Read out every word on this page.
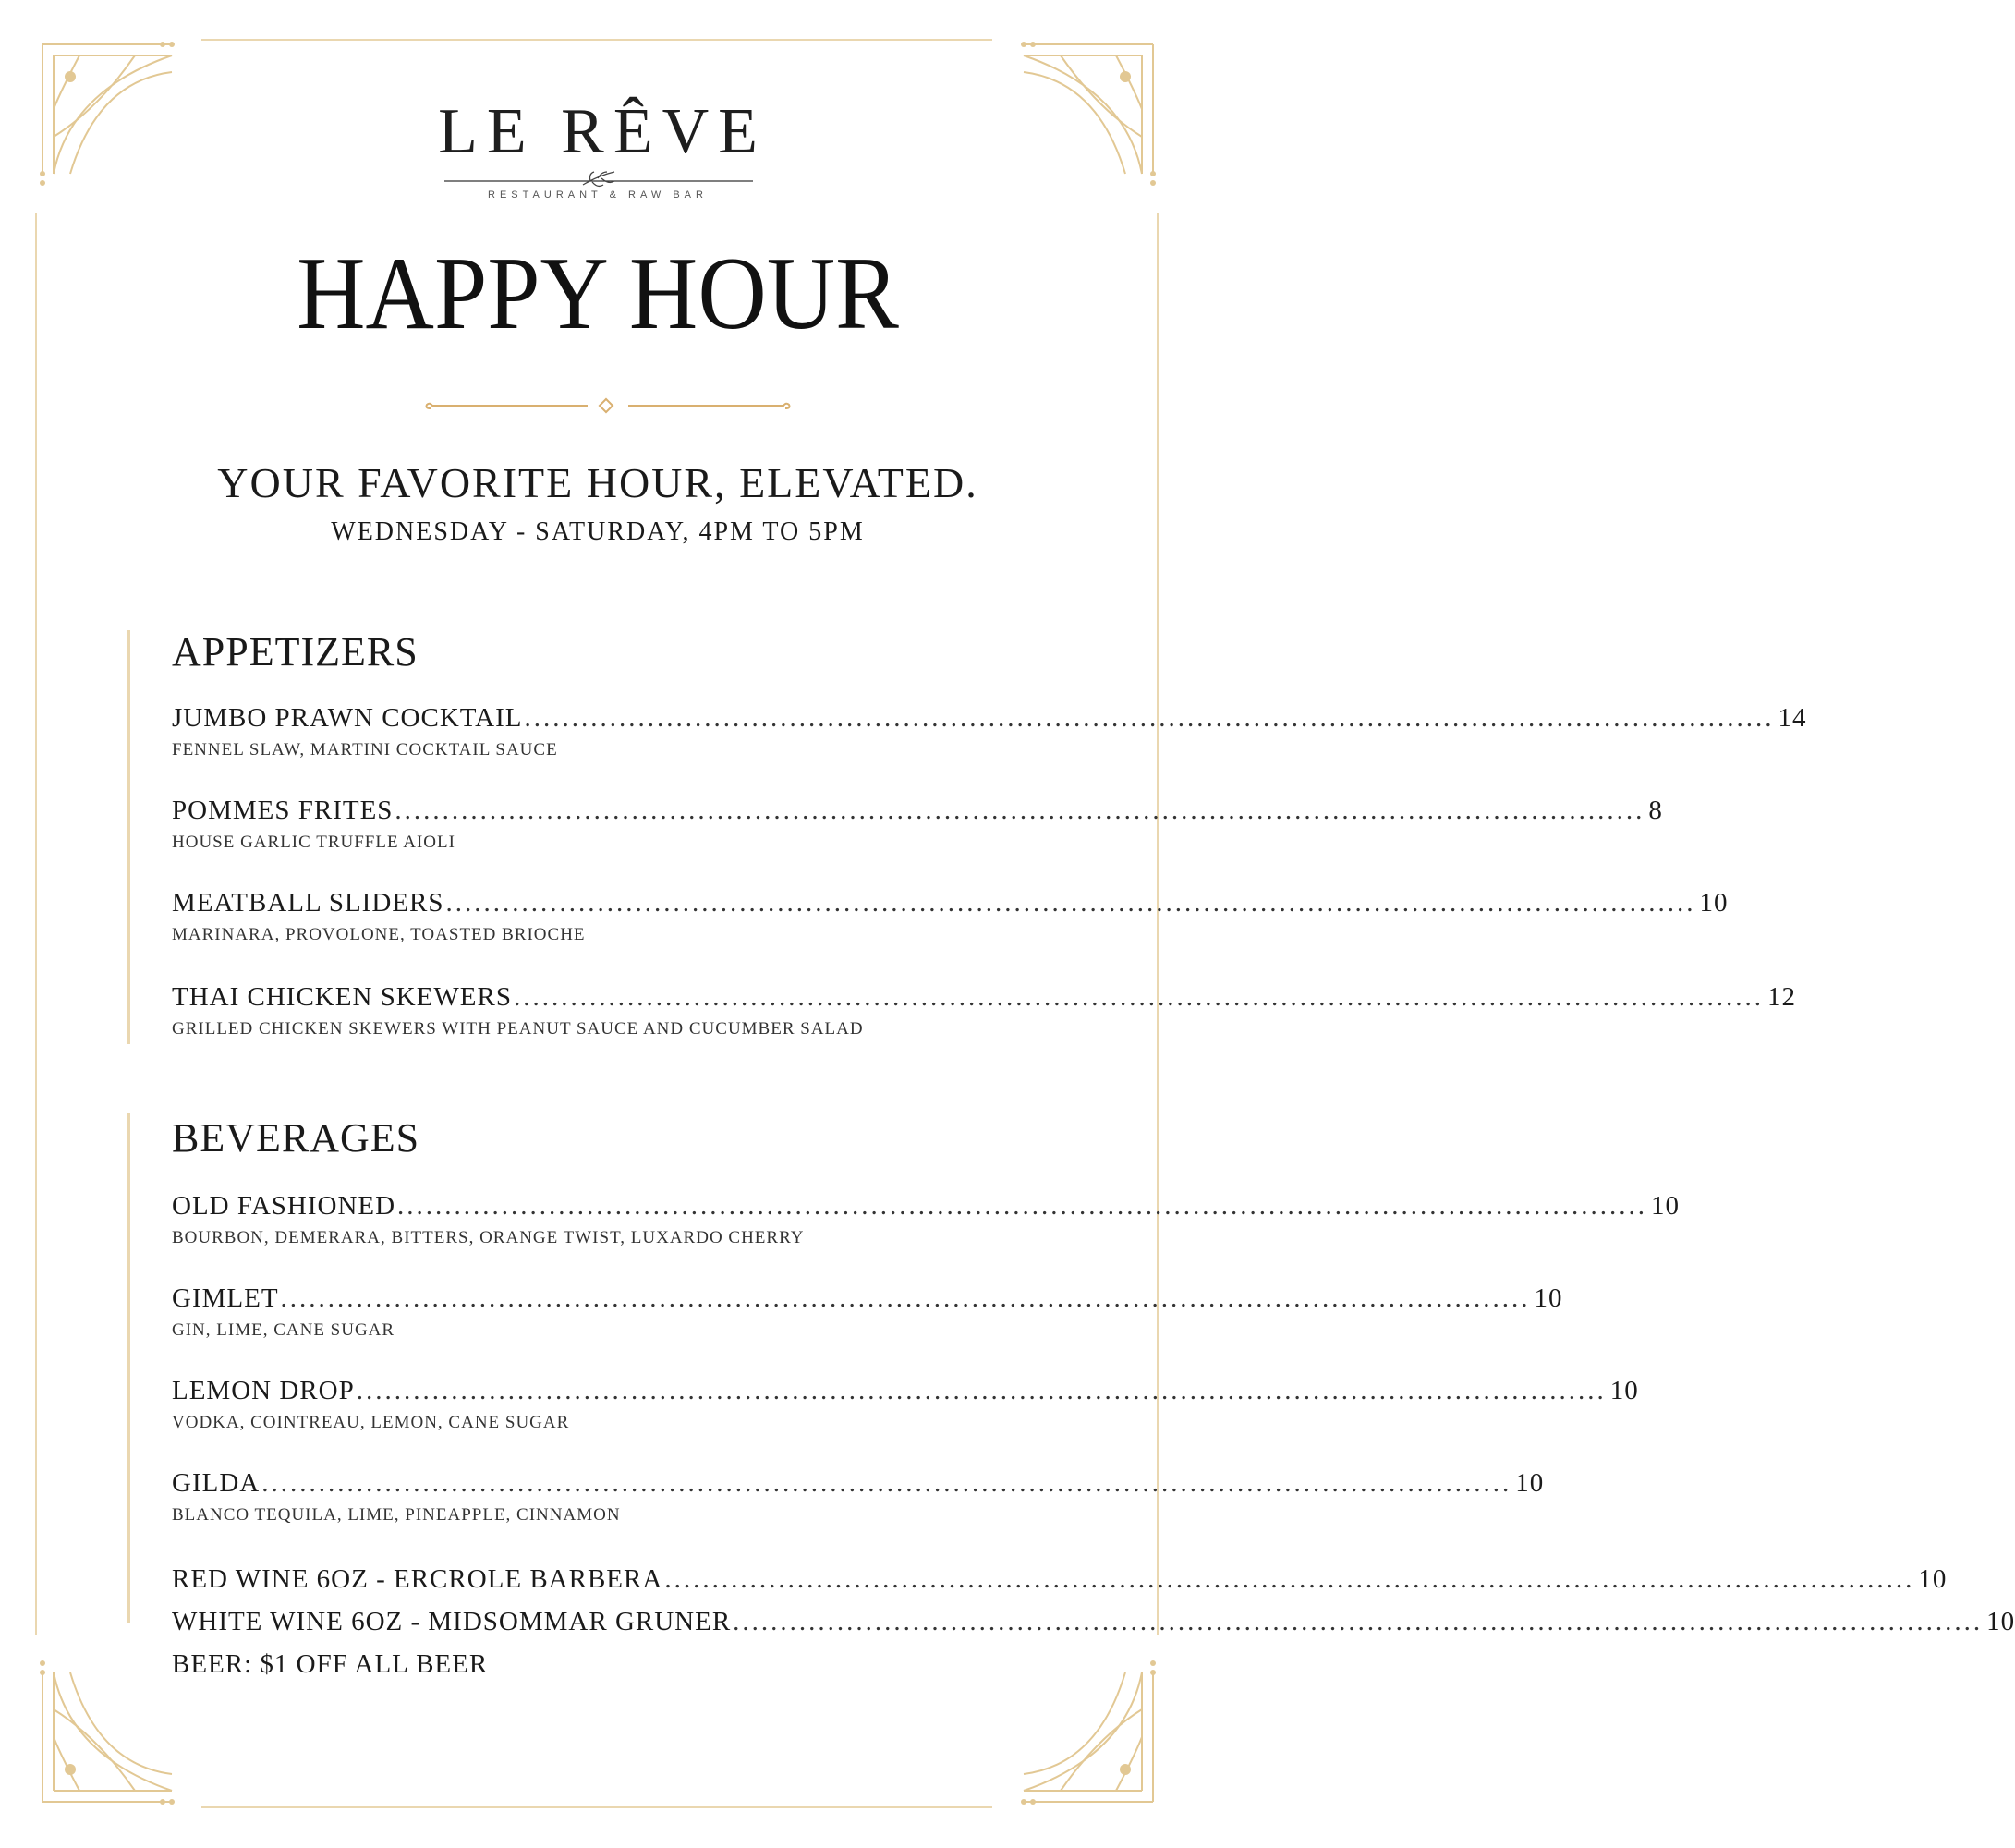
LE RÊVE
RESTAURANT & RAW BAR
HAPPY HOUR
YOUR FAVORITE HOUR, ELEVATED.
WEDNESDAY - SATURDAY, 4PM TO 5PM
APPETIZERS
JUMBO PRAWN COCKTAIL .................................................................................................................................... 14
FENNEL SLAW, MARTINI COCKTAIL SAUCE
POMMES FRITES .................................................................................................................................... 8
HOUSE GARLIC TRUFFLE AIOLI
MEATBALL SLIDERS .................................................................................................................................... 10
MARINARA, PROVOLONE, TOASTED BRIOCHE
THAI CHICKEN SKEWERS .................................................................................................................................... 12
GRILLED CHICKEN SKEWERS WITH PEANUT SAUCE AND CUCUMBER SALAD
BEVERAGES
OLD FASHIONED .................................................................................................................................... 10
BOURBON, DEMERARA, BITTERS, ORANGE TWIST, LUXARDO CHERRY
GIMLET .................................................................................................................................... 10
GIN, LIME, CANE SUGAR
LEMON DROP .................................................................................................................................... 10
VODKA, COINTREAU, LEMON, CANE SUGAR
GILDA .................................................................................................................................... 10
BLANCO TEQUILA, LIME, PINEAPPLE, CINNAMON
RED WINE 6OZ - ERCROLE BARBERA .................................................................................................................................... 10
WHITE WINE 6OZ - MIDSOMMAR GRUNER .................................................................................................................................... 10
BEER: $1 OFF ALL BEER
